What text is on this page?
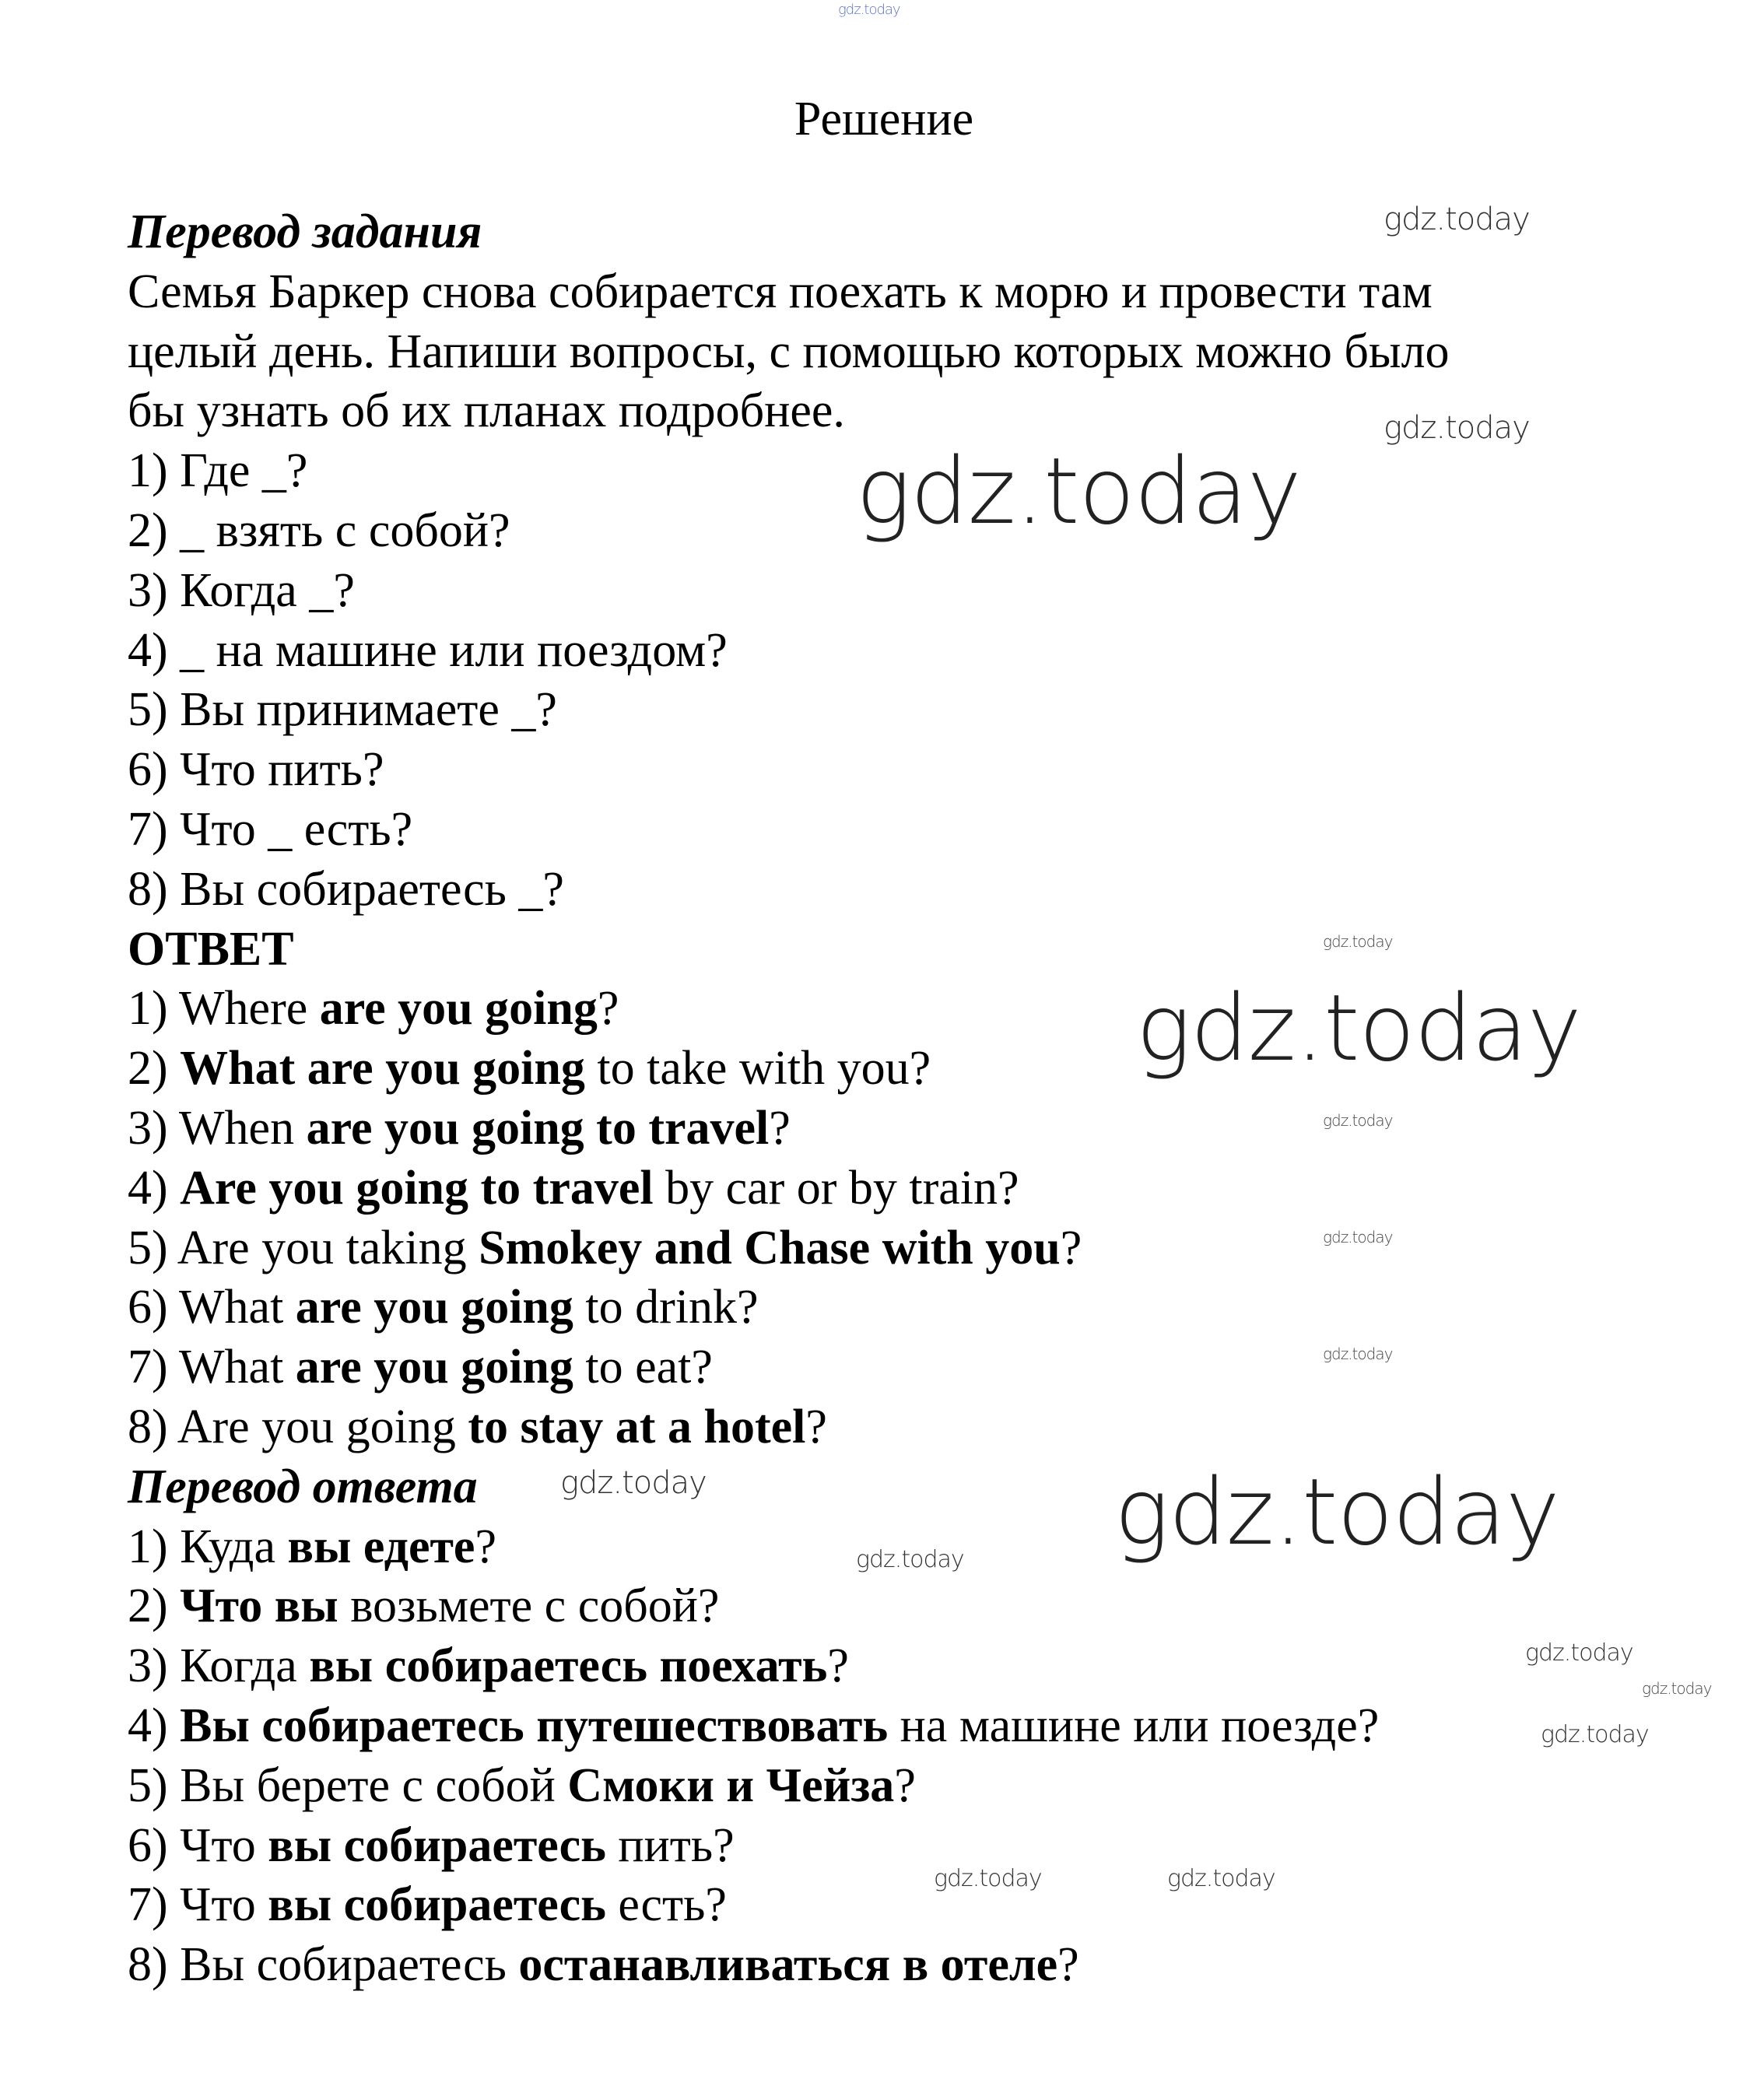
Решение
Перевод задания
Семья Баркер снова собирается поехать к морю и провести там
целый день. Напиши вопросы, с помощью которых можно было
бы узнать об их планах подробнее.
1) Где _?
2) _ взять с собой?
3) Когда _?
4) _ на машине или поездом?
5) Вы принимаете _?
6) Что пить?
7) Что _ есть?
8) Вы собираетесь _?
ОТВЕТ
1) Where are you going?
2) What are you going to take with you?
3) When are you going to travel?
4) Are you going to travel by car or by train?
5) Are you taking Smokey and Chase with you?
6) What are you going to drink?
7) What are you going to eat?
8) Are you going to stay at a hotel?
Перевод ответа
1) Куда вы едете?
2) Что вы возьмете с собой?
3) Когда вы собираетесь поехать?
4) Вы собираетесь путешествовать на машине или поезде?
5) Вы берете с собой Смоки и Чейза?
6) Что вы собираетесь пить?
7) Что вы собираетесь есть?
8) Вы собираетесь останавливаться в отеле?
gdz.today
gdz.today
gdz.today
gdz.today
gdz.today
gdz.today
gdz.today
gdz.today
gdz.today
gdz.today
gdz.today
gdz.today
gdz.today
gdz.today
gdz.today
gdz.today	gdz.today
